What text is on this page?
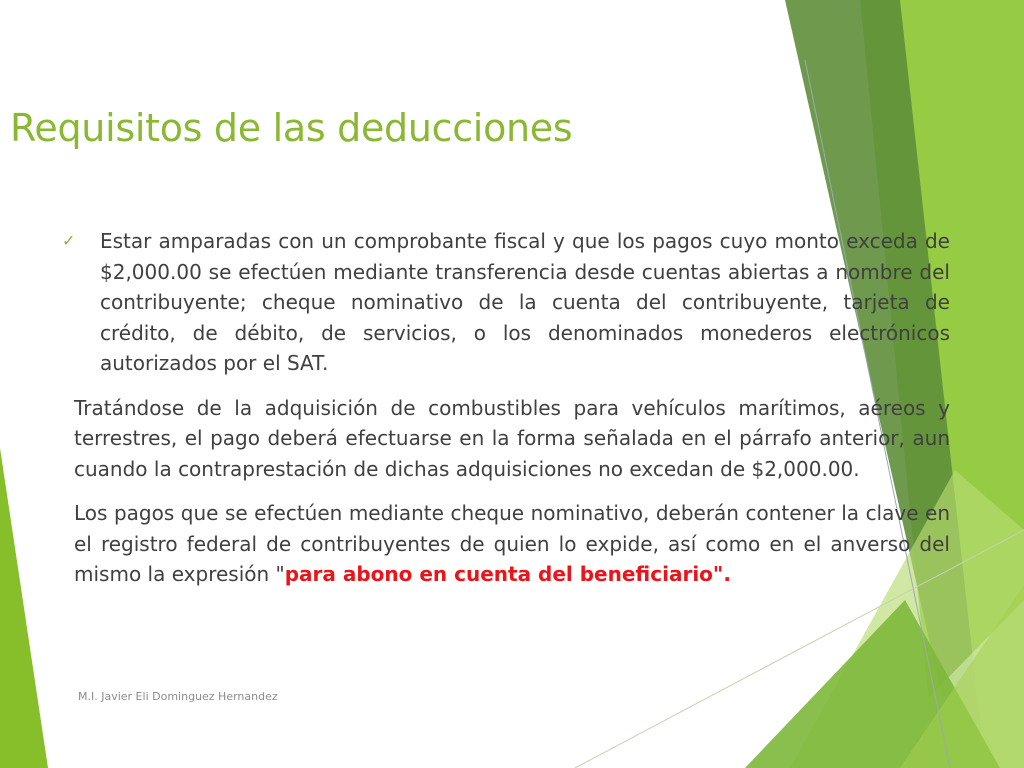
Requisitos de las deducciones

✓ Estar amparadas con un comprobante fiscal y que los pagos cuyo monto exceda de $2,000.00 se efectúen mediante transferencia desde cuentas abiertas a nombre del contribuyente; cheque nominativo de la cuenta del contribuyente, tarjeta de crédito, de débito, de servicios, o los denominados monederos electrónicos autorizados por el SAT.

Tratándose de la adquisición de combustibles para vehículos marítimos, aéreos y terrestres, el pago deberá efectuarse en la forma señalada en el párrafo anterior, aun cuando la contraprestación de dichas adquisiciones no excedan de $2,000.00.

Los pagos que se efectúen mediante cheque nominativo, deberán contener la clave en el registro federal de contribuyentes de quien lo expide, así como en el anverso del mismo la expresión "para abono en cuenta del beneficiario".

M.I. Javier Eli Dominguez Hernandez
